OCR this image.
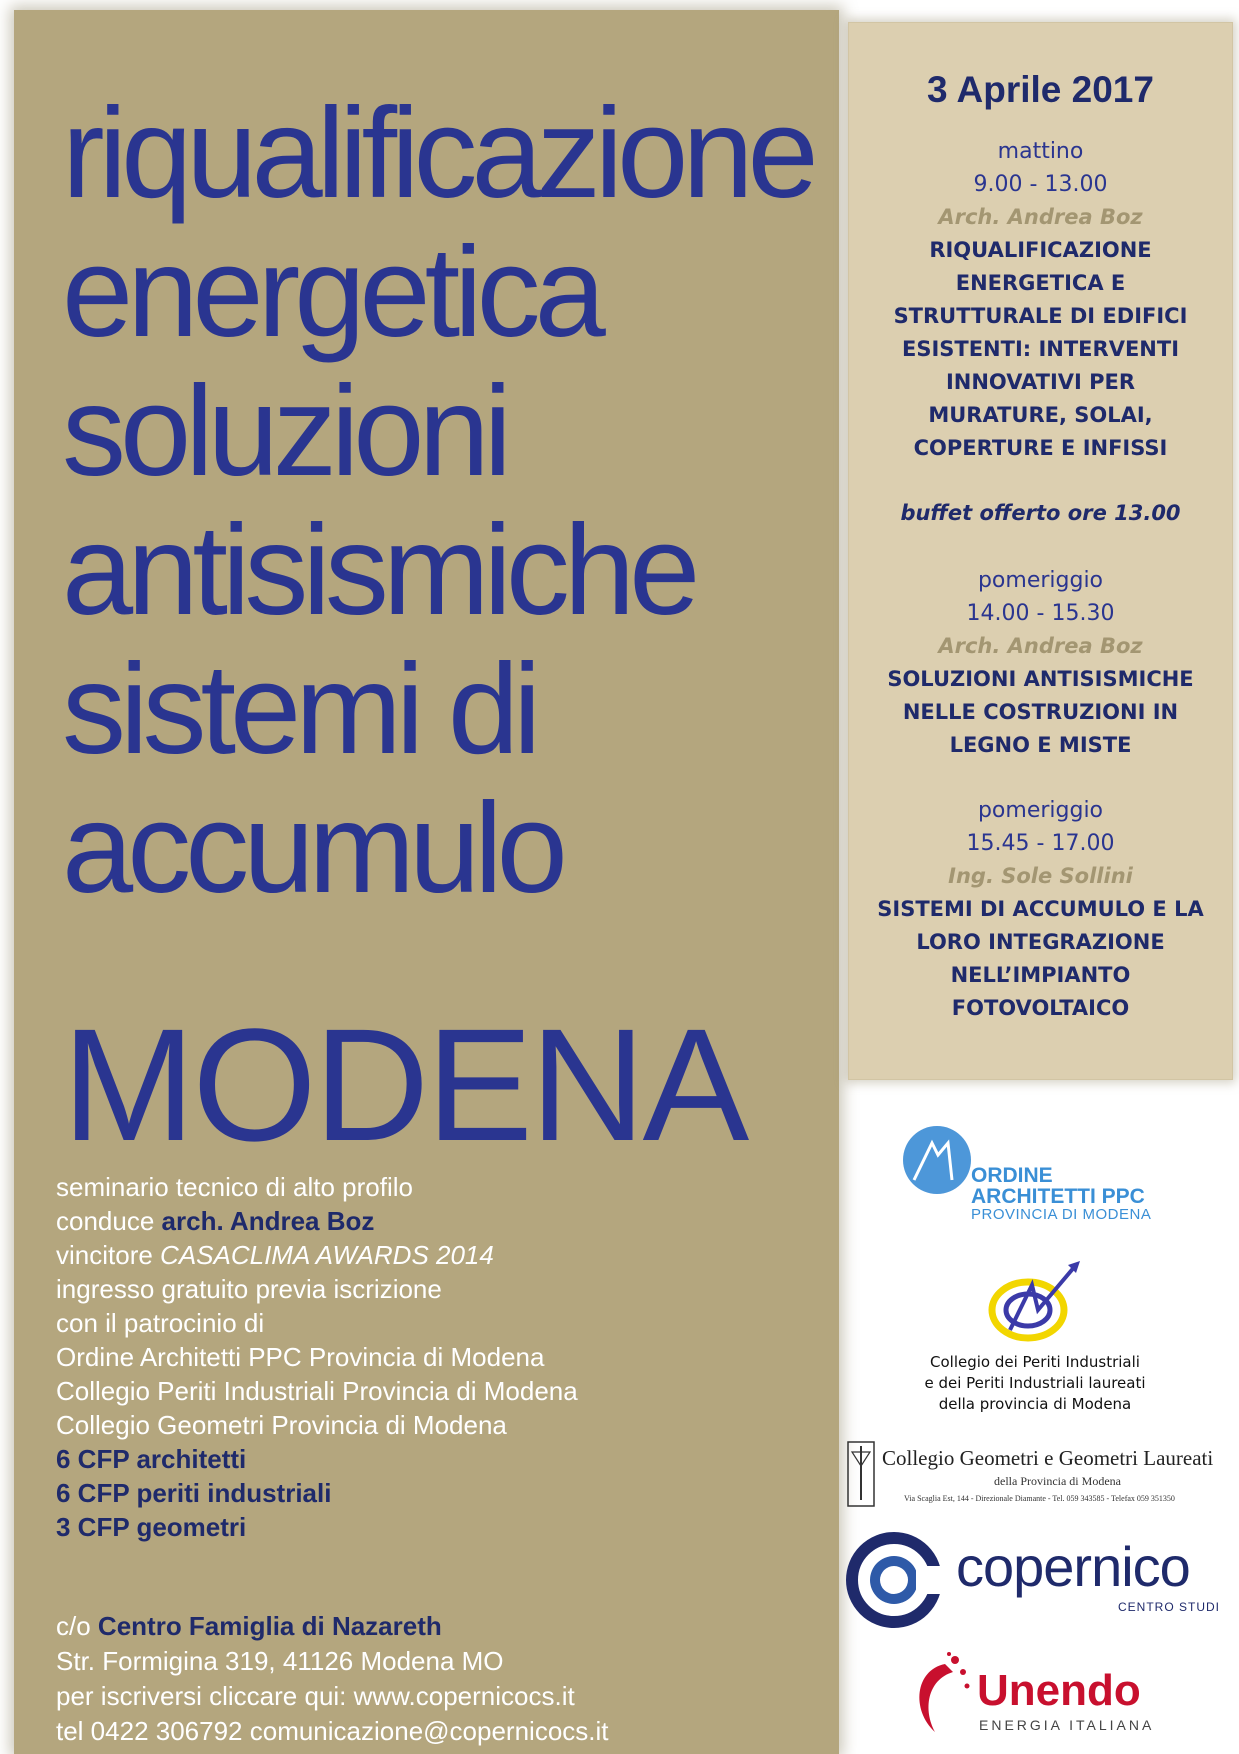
riqualificazione
energetica
soluzioni
antisismiche
sistemi di
accumulo
MODENA
seminario tecnico di alto profilo
conduce arch. Andrea Boz
vincitore CASACLIMA AWARDS 2014
ingresso gratuito previa iscrizione
con il patrocinio di
Ordine Architetti PPC Provincia di Modena
Collegio Periti Industriali Provincia di Modena
Collegio Geometri Provincia di Modena
6 CFP architetti
6 CFP periti industriali
3 CFP geometri
c/o Centro Famiglia di Nazareth
Str. Formigina 319, 41126 Modena MO
per iscriversi cliccare qui: www.copernicocs.it
tel 0422 306792 comunicazione@copernicocs.it
3 Aprile 2017
mattino
9.00 - 13.00
Arch. Andrea Boz
RIQUALIFICAZIONE ENERGETICA E STRUTTURALE DI EDIFICI ESISTENTI: INTERVENTI INNOVATIVI PER MURATURE, SOLAI, COPERTURE E INFISSI
buffet offerto ore 13.00
pomeriggio
14.00 - 15.30
Arch. Andrea Boz
SOLUZIONI ANTISISMICHE NELLE COSTRUZIONI IN LEGNO E MISTE
pomeriggio
15.45 - 17.00
Ing. Sole Sollini
SISTEMI DI ACCUMULO E LA LORO INTEGRAZIONE NELL’IMPIANTO FOTOVOLTAICO
ORDINE
ARCHITETTI PPC
PROVINCIA DI MODENA
Collegio dei Periti Industriali
e dei Periti Industriali laureati
della provincia di Modena
Collegio Geometri e Geometri Laureati
della Provincia di Modena
Via Scaglia Est, 144 - Direzionale Diamante - Tel. 059 343585 - Telefax 059 351350
copernico
CENTRO STUDI
Unendo
ENERGIA ITALIANA
